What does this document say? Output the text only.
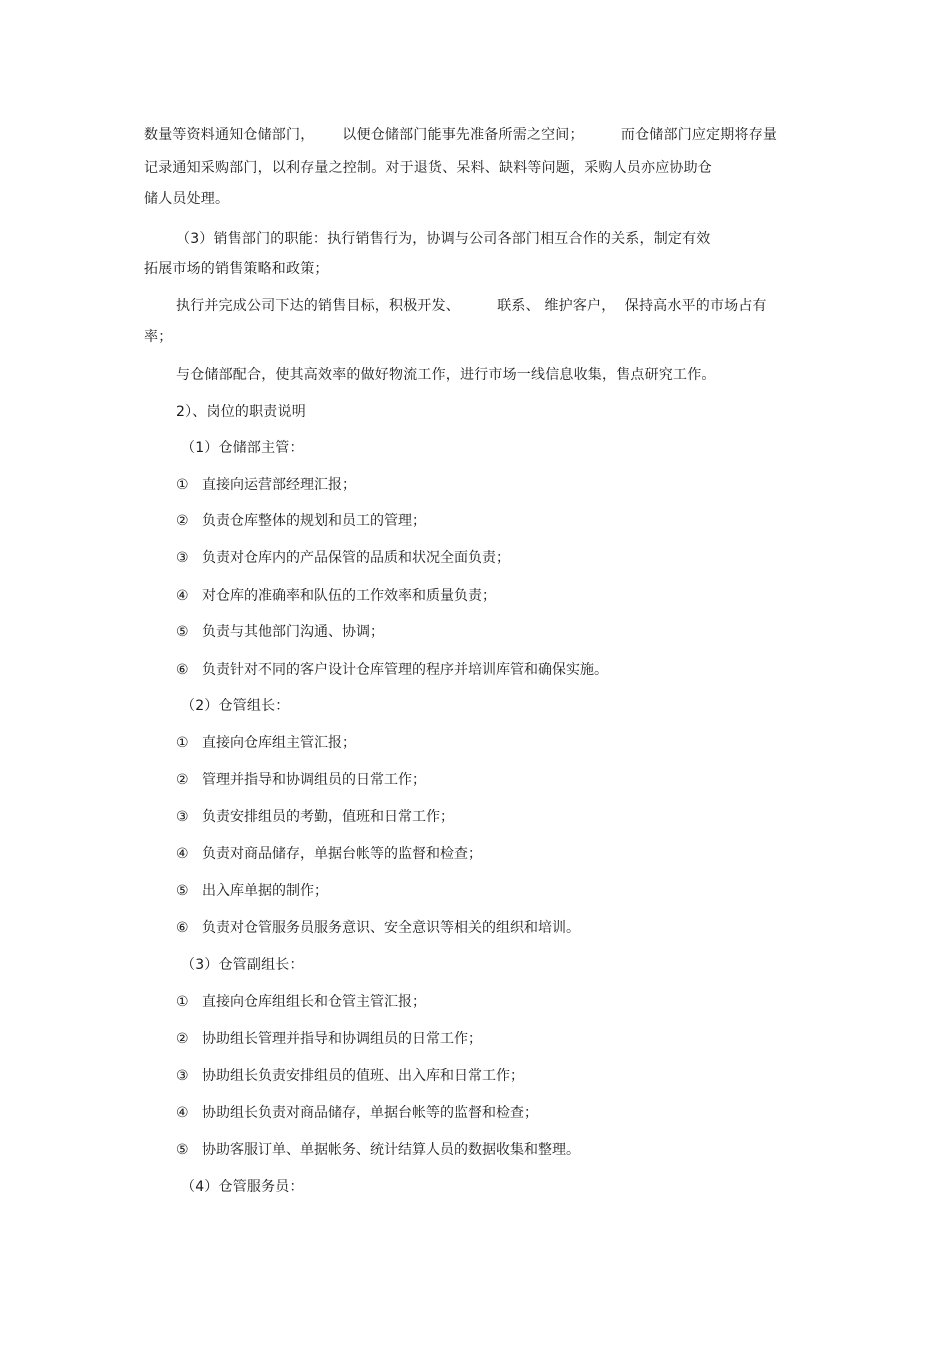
数量等资料通知仓储部门，      以便仓储部门能事先准备所需之空间；        而仓储部门应定期将存量
记录通知采购部门，以利存量之控制。对于退货、呆料、缺料等问题，采购人员亦应协助仓
储人员处理。
（3）销售部门的职能：执行销售行为，协调与公司各部门相互合作的关系，制定有效
拓展市场的销售策略和政策；
执行并完成公司下达的销售目标，积极开发、        联系、 维护客户，  保持高水平的市场占有
率；
与仓储部配合，使其高效率的做好物流工作，进行市场一线信息收集，售点研究工作。
2）、岗位的职责说明
（1）仓储部主管：
① 直接向运营部经理汇报；
② 负责仓库整体的规划和员工的管理；
③ 负责对仓库内的产品保管的品质和状况全面负责；
④ 对仓库的准确率和队伍的工作效率和质量负责；
⑤ 负责与其他部门沟通、协调；
⑥ 负责针对不同的客户设计仓库管理的程序并培训库管和确保实施。
（2）仓管组长：
① 直接向仓库组主管汇报；
② 管理并指导和协调组员的日常工作；
③ 负责安排组员的考勤，值班和日常工作；
④ 负责对商品储存，单据台帐等的监督和检查；
⑤ 出入库单据的制作；
⑥ 负责对仓管服务员服务意识、安全意识等相关的组织和培训。
（3）仓管副组长：
① 直接向仓库组组长和仓管主管汇报；
② 协助组长管理并指导和协调组员的日常工作；
③ 协助组长负责安排组员的值班、出入库和日常工作；
④ 协助组长负责对商品储存，单据台帐等的监督和检查；
⑤ 协助客服订单、单据帐务、统计结算人员的数据收集和整理。
（4）仓管服务员：
